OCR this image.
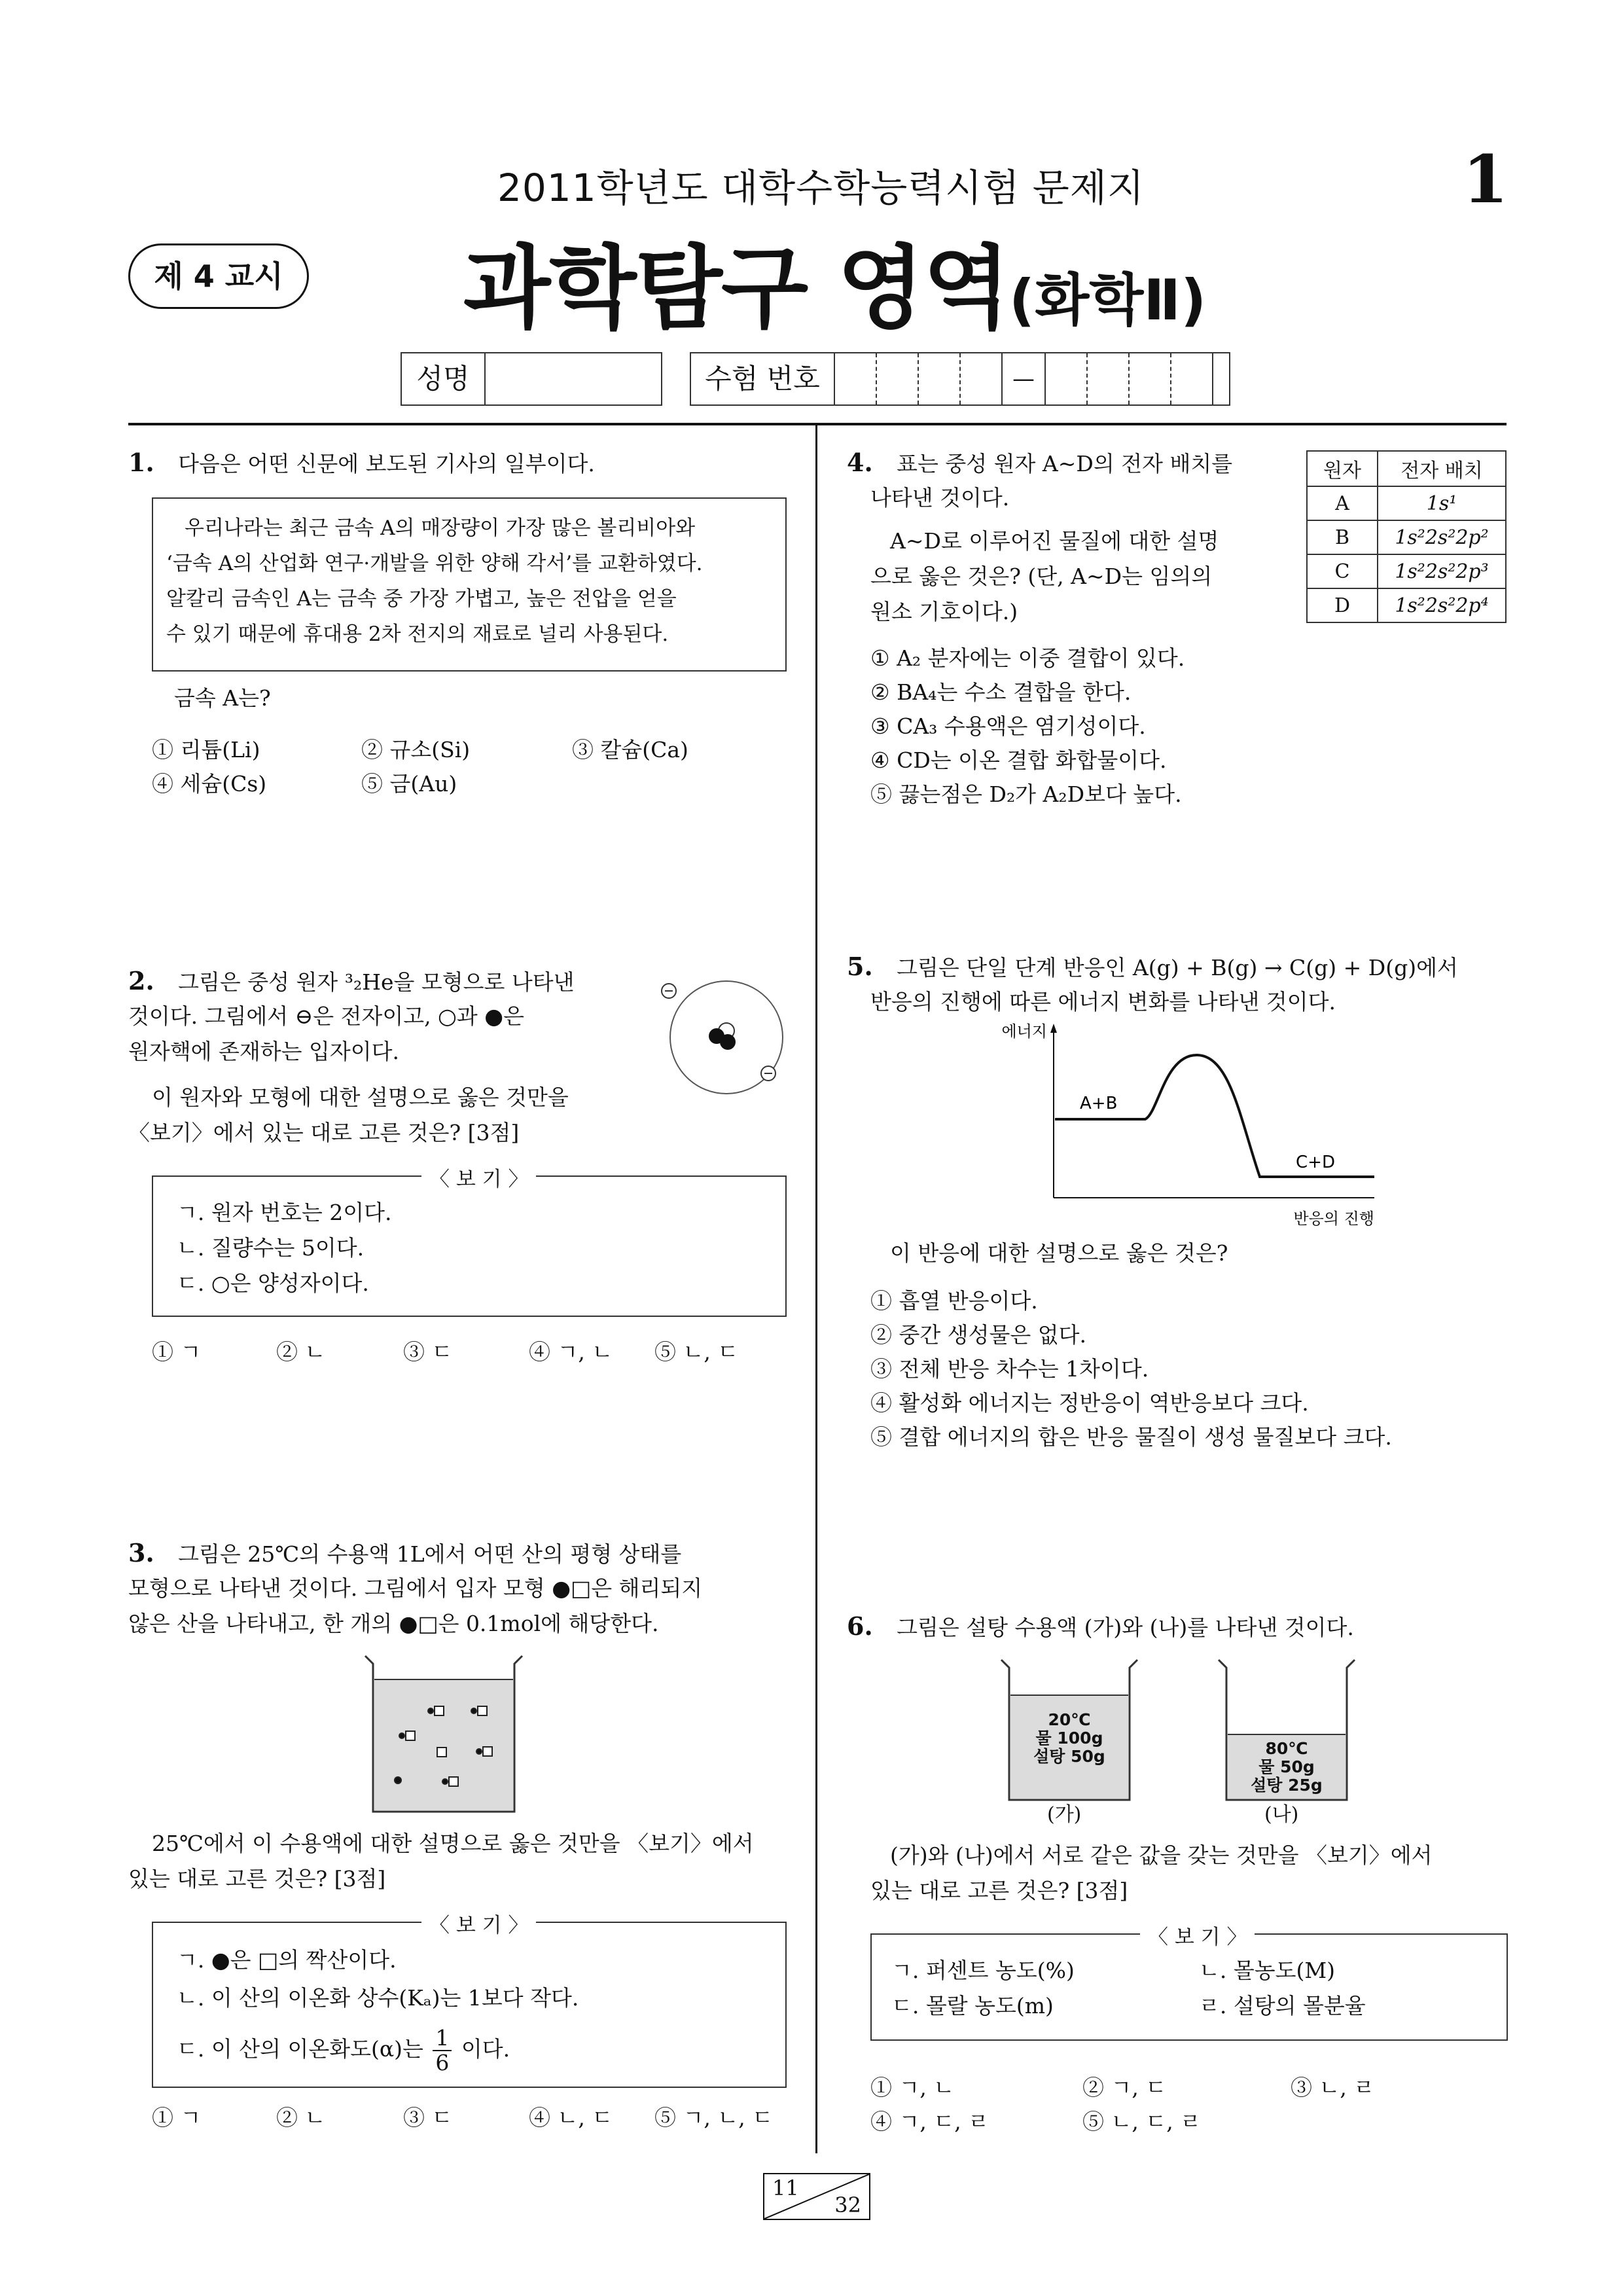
2011학년도 대학수학능력시험 문제지	1
제 4 교시 과학탐구 영역(화학Ⅱ)
성명	수험 번호	—
1. 다음은 어떤 신문에 보도된 기사의 일부이다.
우리나라는 최근 금속 A의 매장량이 가장 많은 볼리비아와
‘금속 A의 산업화 연구·개발을 위한 양해 각서’를 교환하였다.
알칼리 금속인 A는 금속 중 가장 가볍고, 높은 전압을 얻을
수 있기 때문에 휴대용 2차 전지의 재료로 널리 사용된다.
금속 A는?
① 리튬(Li)	② 규소(Si)	③ 칼슘(Ca)
④ 세슘(Cs)	⑤ 금(Au)
2. 그림은 중성 원자 ³₂He을 모형으로 나타낸
것이다. 그림에서 ⊖은 전자이고, ○과 ●은
원자핵에 존재하는 입자이다.
이 원자와 모형에 대한 설명으로 옳은 것만을
〈보기〉에서 있는 대로 고른 것은? [3점]
〈 보 기 〉
ㄱ. 원자 번호는 2이다.
ㄴ. 질량수는 5이다.
ㄷ. ○은 양성자이다.
① ㄱ	② ㄴ	③ ㄷ	④ ㄱ, ㄴ ⑤ ㄴ, ㄷ
3. 그림은 25℃의 수용액 1L에서 어떤 산의 평형 상태를
모형으로 나타낸 것이다. 그림에서 입자 모형 ●□은 해리되지
않은 산을 나타내고, 한 개의 ●□은 0.1mol에 해당한다.
25℃에서 이 수용액에 대한 설명으로 옳은 것만을 〈보기〉에서
있는 대로 고른 것은? [3점]
〈 보 기 〉
ㄱ. ●은 □의 짝산이다.
ㄴ. 이 산의 이온화 상수(Kₐ)는 1보다 작다.
ㄷ. 이 산의 이온화도(α)는 $\frac{1}{6}$ 이다.
① ㄱ	② ㄴ	③ ㄷ	④ ㄴ, ㄷ ⑤ ㄱ, ㄴ, ㄷ
4. 표는 중성 원자 A~D의 전자 배치를
나타낸 것이다.
A~D로 이루어진 물질에 대한 설명
으로 옳은 것은? (단, A~D는 임의의
원소 기호이다.)
원자	전자 배치
A	1s¹
B	1s²2s²2p²
C	1s²2s²2p³
D	1s²2s²2p⁴
① A₂ 분자에는 이중 결합이 있다.
② BA₄는 수소 결합을 한다.
③ CA₃ 수용액은 염기성이다.
④ CD는 이온 결합 화합물이다.
⑤ 끓는점은 D₂가 A₂D보다 높다.
5. 그림은 단일 단계 반응인 A(g) + B(g) → C(g) + D(g)에서
반응의 진행에 따른 에너지 변화를 나타낸 것이다.
에너지
반응의 진행
A+B
C+D
이 반응에 대한 설명으로 옳은 것은?
① 흡열 반응이다.
② 중간 생성물은 없다.
③ 전체 반응 차수는 1차이다.
④ 활성화 에너지는 정반응이 역반응보다 크다.
⑤ 결합 에너지의 합은 반응 물질이 생성 물질보다 크다.
6. 그림은 설탕 수용액 (가)와 (나)를 나타낸 것이다.
20℃
물 100g
설탕 50g
(가)
80℃
물 50g
설탕 25g
(나)
(가)와 (나)에서 서로 같은 값을 갖는 것만을 〈보기〉에서
있는 대로 고른 것은? [3점]
〈 보 기 〉
ㄱ. 퍼센트 농도(%)	ㄴ. 몰농도(M)
ㄷ. 몰랄 농도(m)	ㄹ. 설탕의 몰분율
① ㄱ, ㄴ	② ㄱ, ㄷ	③ ㄴ, ㄹ
④ ㄱ, ㄷ, ㄹ	⑤ ㄴ, ㄷ, ㄹ
11
32
